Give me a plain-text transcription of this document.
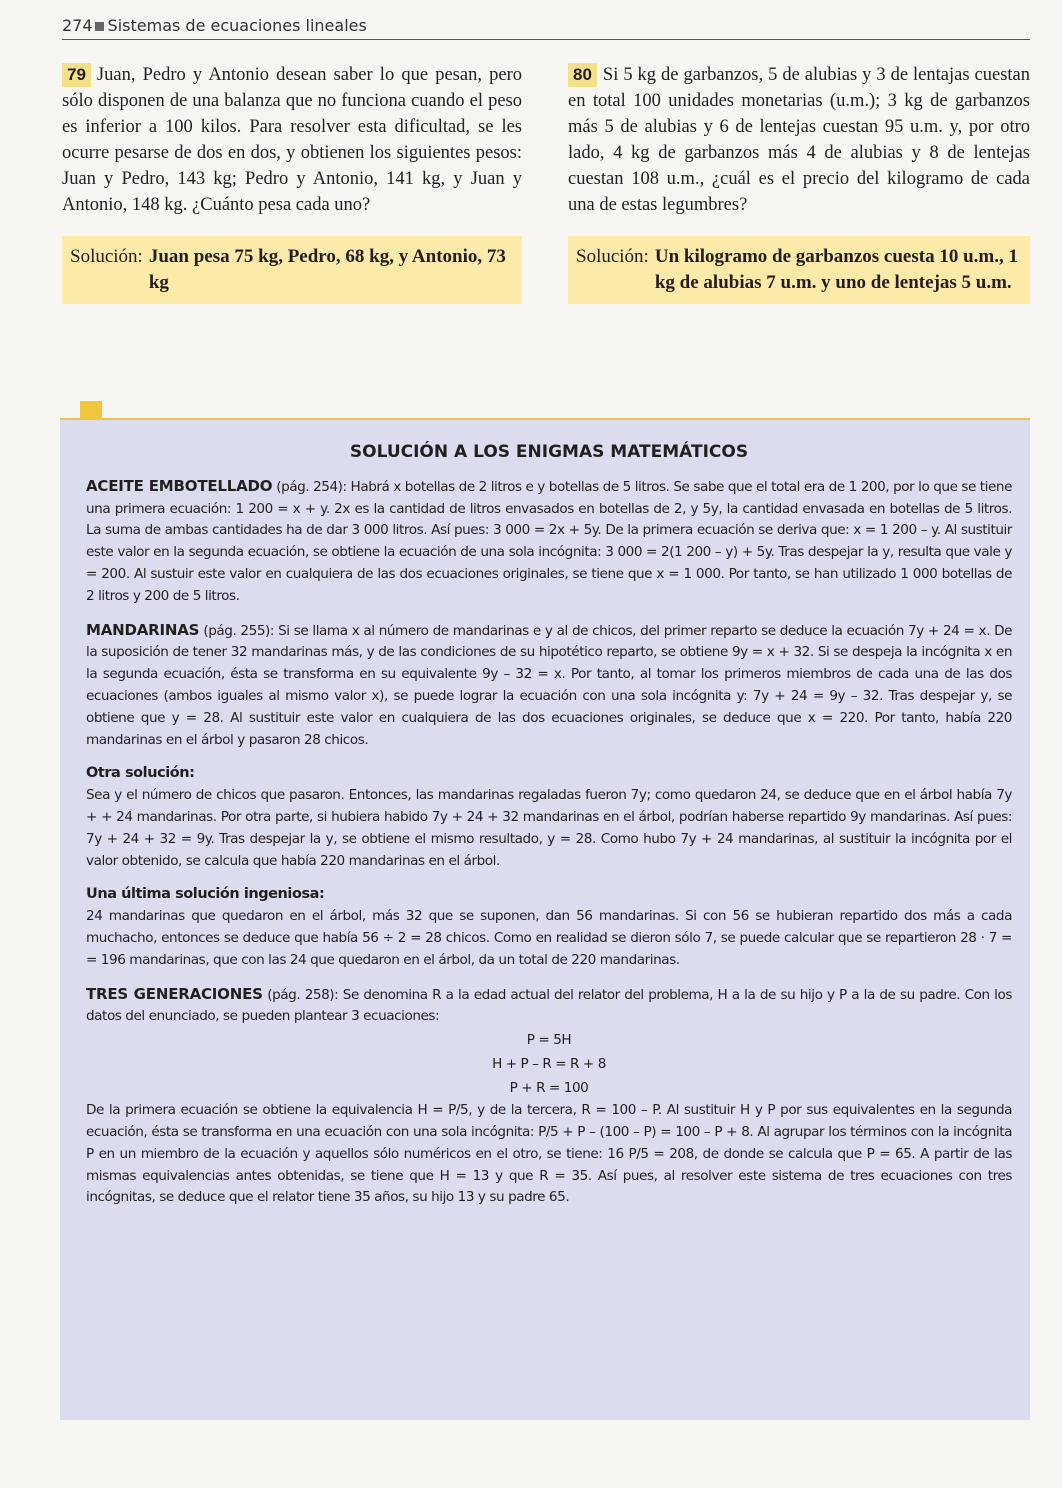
274 Sistemas de ecuaciones lineales
79 Juan, Pedro y Antonio desean saber lo que pesan, pero sólo disponen de una balanza que no funciona cuando el peso es inferior a 100 kilos. Para resolver esta dificultad, se les ocurre pesarse de dos en dos, y obtienen los siguientes pesos: Juan y Pedro, 143 kg; Pedro y Antonio, 141 kg, y Juan y Antonio, 148 kg. ¿Cuánto pesa cada uno?
Solución: Juan pesa 75 kg, Pedro, 68 kg, y Antonio, 73 kg
80 Si 5 kg de garbanzos, 5 de alubias y 3 de lentajas cuestan en total 100 unidades monetarias (u.m.); 3 kg de garbanzos más 5 de alubias y 6 de lentejas cuestan 95 u.m. y, por otro lado, 4 kg de garbanzos más 4 de alubias y 8 de lentejas cuestan 108 u.m., ¿cuál es el precio del kilogramo de cada una de estas legumbres?
Solución: Un kilogramo de garbanzos cuesta 10 u.m., 1 kg de alubias 7 u.m. y uno de lentejas 5 u.m.
SOLUCIÓN A LOS ENIGMAS MATEMÁTICOS
ACEITE EMBOTELLADO (pág. 254): Habrá x botellas de 2 litros e y botellas de 5 litros. Se sabe que el total era de 1 200, por lo que se tiene una primera ecuación: 1 200 = x + y. 2x es la cantidad de litros envasados en botellas de 2, y 5y, la cantidad envasada en botellas de 5 litros. La suma de ambas cantidades ha de dar 3 000 litros. Así pues: 3 000 = 2x + 5y. De la primera ecuación se deriva que: x = 1 200 – y. Al sustituir este valor en la segunda ecuación, se obtiene la ecuación de una sola incógnita: 3 000 = 2(1 200 – y) + 5y. Tras despejar la y, resulta que vale y = 200. Al sustuir este valor en cualquiera de las dos ecuaciones originales, se tiene que x = 1 000. Por tanto, se han utilizado 1 000 botellas de 2 litros y 200 de 5 litros.
MANDARINAS (pág. 255): Si se llama x al número de mandarinas e y al de chicos, del primer reparto se deduce la ecuación 7y + 24 = x. De la suposición de tener 32 mandarinas más, y de las condiciones de su hipotético reparto, se obtiene 9y = x + 32. Si se despeja la incógnita x en la segunda ecuación, ésta se transforma en su equivalente 9y – 32 = x. Por tanto, al tomar los primeros miembros de cada una de las dos ecuaciones (ambos iguales al mismo valor x), se puede lograr la ecuación con una sola incógnita y: 7y + 24 = 9y – 32. Tras despejar y, se obtiene que y = 28. Al sustituir este valor en cualquiera de las dos ecuaciones originales, se deduce que x = 220. Por tanto, había 220 mandarinas en el árbol y pasaron 28 chicos.
Otra solución:
Sea y el número de chicos que pasaron. Entonces, las mandarinas regaladas fueron 7y; como quedaron 24, se deduce que en el árbol había 7y + + 24 mandarinas. Por otra parte, si hubiera habido 7y + 24 + 32 mandarinas en el árbol, podrían haberse repartido 9y mandarinas. Así pues: 7y + 24 + 32 = 9y. Tras despejar la y, se obtiene el mismo resultado, y = 28. Como hubo 7y + 24 mandarinas, al sustituir la incógnita por el valor obtenido, se calcula que había 220 mandarinas en el árbol.
Una última solución ingeniosa:
24 mandarinas que quedaron en el árbol, más 32 que se suponen, dan 56 mandarinas. Si con 56 se hubieran repartido dos más a cada muchacho, entonces se deduce que había 56 ÷ 2 = 28 chicos. Como en realidad se dieron sólo 7, se puede calcular que se repartieron 28 · 7 = = 196 mandarinas, que con las 24 que quedaron en el árbol, da un total de 220 mandarinas.
TRES GENERACIONES (pág. 258): Se denomina R a la edad actual del relator del problema, H a la de su hijo y P a la de su padre. Con los datos del enunciado, se pueden plantear 3 ecuaciones:
P = 5H
H + P – R = R + 8
P + R = 100
De la primera ecuación se obtiene la equivalencia H = P/5, y de la tercera, R = 100 – P. Al sustituir H y P por sus equivalentes en la segunda ecuación, ésta se transforma en una ecuación con una sola incógnita: P/5 + P – (100 – P) = 100 – P + 8. Al agrupar los términos con la incógnita P en un miembro de la ecuación y aquellos sólo numéricos en el otro, se tiene: 16 P/5 = 208, de donde se calcula que P = 65. A partir de las mismas equivalencias antes obtenidas, se tiene que H = 13 y que R = 35. Así pues, al resolver este sistema de tres ecuaciones con tres incógnitas, se deduce que el relator tiene 35 años, su hijo 13 y su padre 65.
